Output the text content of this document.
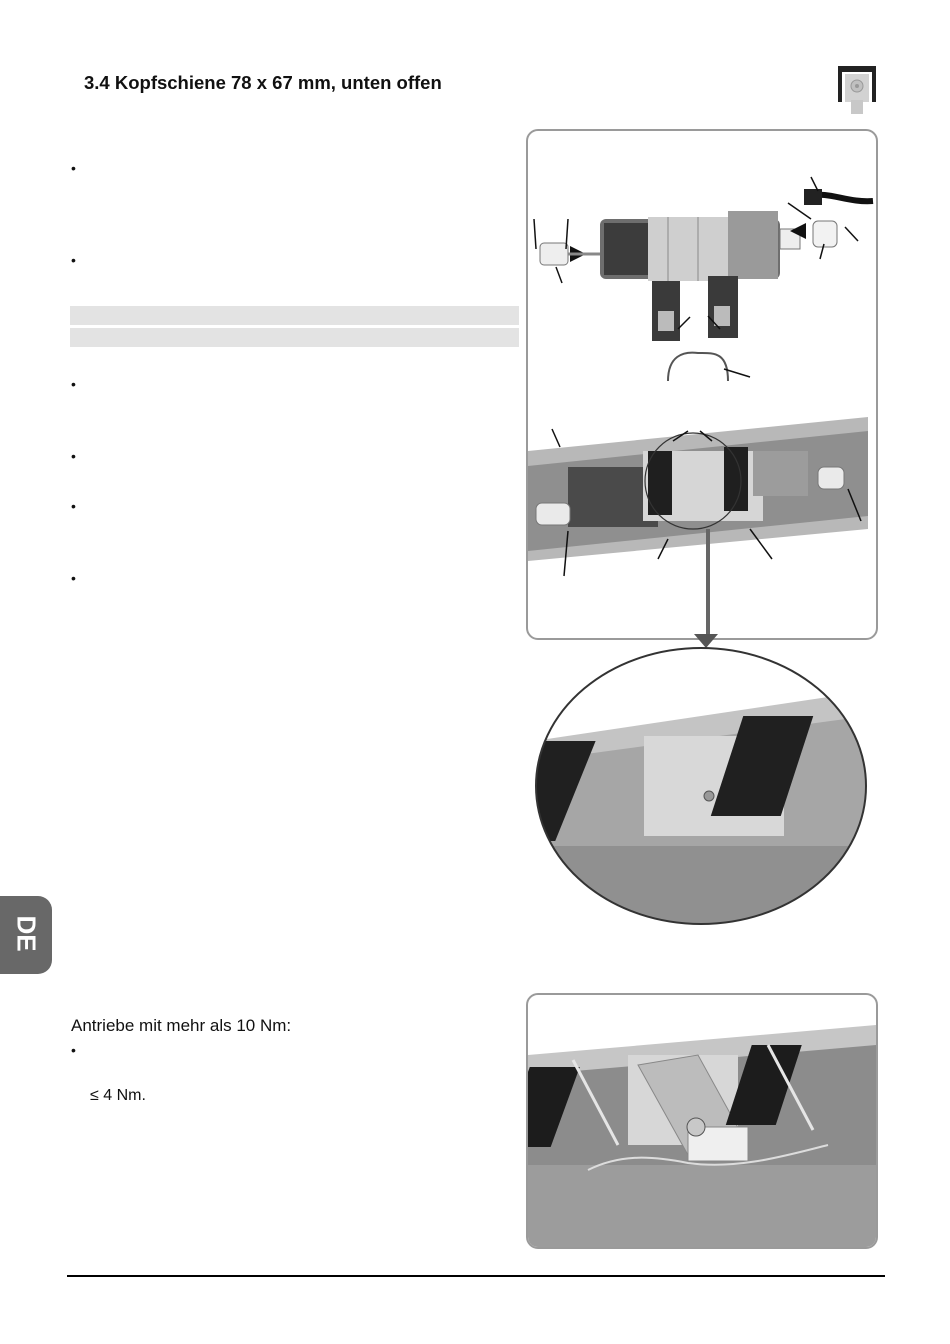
3.4 Kopfschiene 78 x 67 mm, unten offen
•
•
•
•
•
•
DE
Antriebe mit mehr als 10 Nm:
•
≤ 4 Nm.
